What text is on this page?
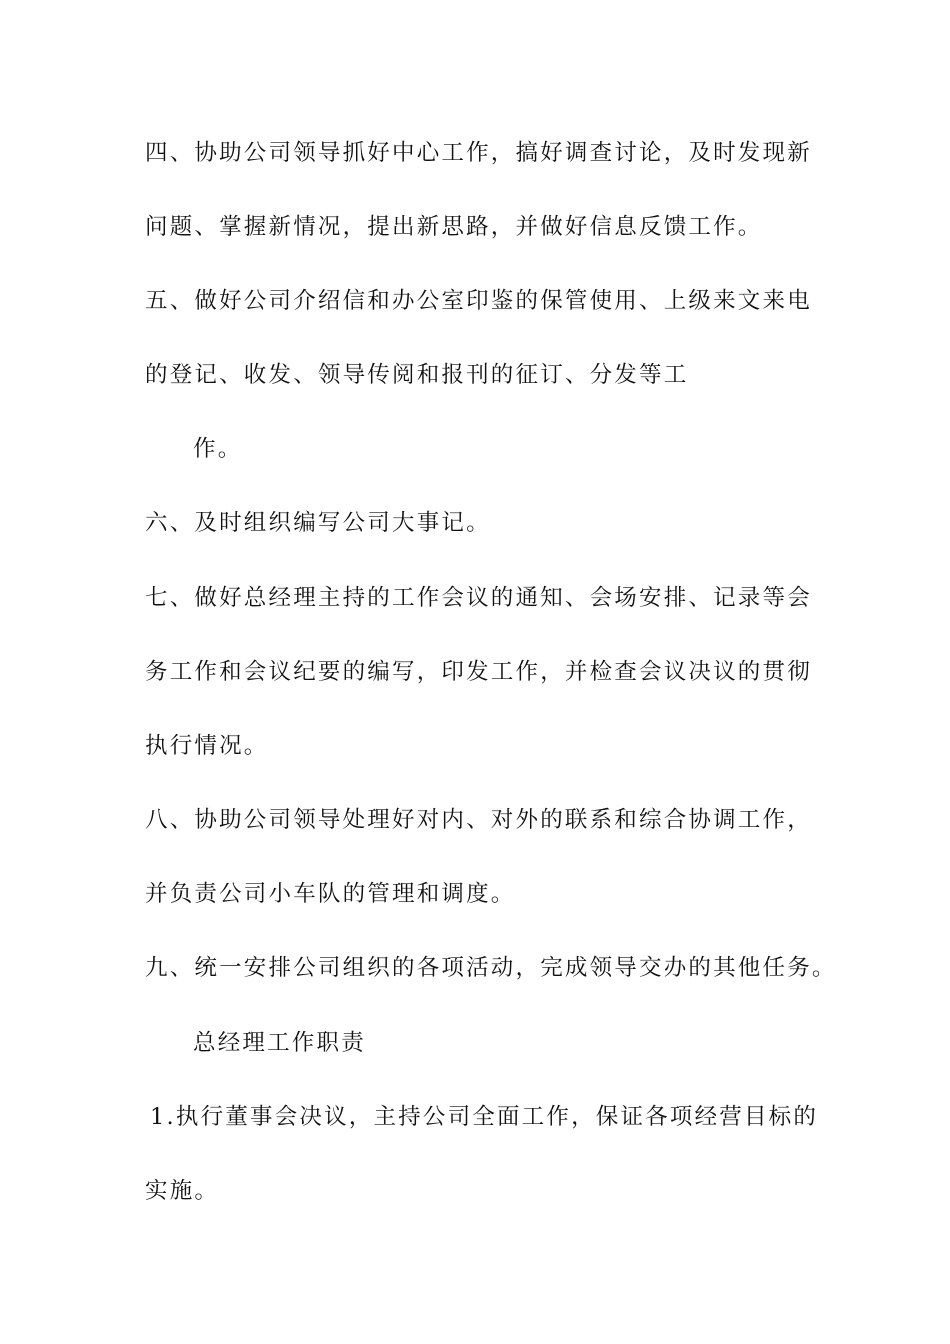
四、协助公司领导抓好中心工作，搞好调查讨论，及时发现新
问题、掌握新情况，提出新思路，并做好信息反馈工作。
五、做好公司介绍信和办公室印鉴的保管使用、上级来文来电
的登记、收发、领导传阅和报刊的征订、分发等工
作。
六、及时组织编写公司大事记。
七、做好总经理主持的工作会议的通知、会场安排、记录等会
务工作和会议纪要的编写，印发工作，并检查会议决议的贯彻
执行情况。
八、协助公司领导处理好对内、对外的联系和综合协调工作，
并负责公司小车队的管理和调度。
九、统一安排公司组织的各项活动，完成领导交办的其他任务。
总经理工作职责
1.执行董事会决议，主持公司全面工作，保证各项经营目标的
实施。
